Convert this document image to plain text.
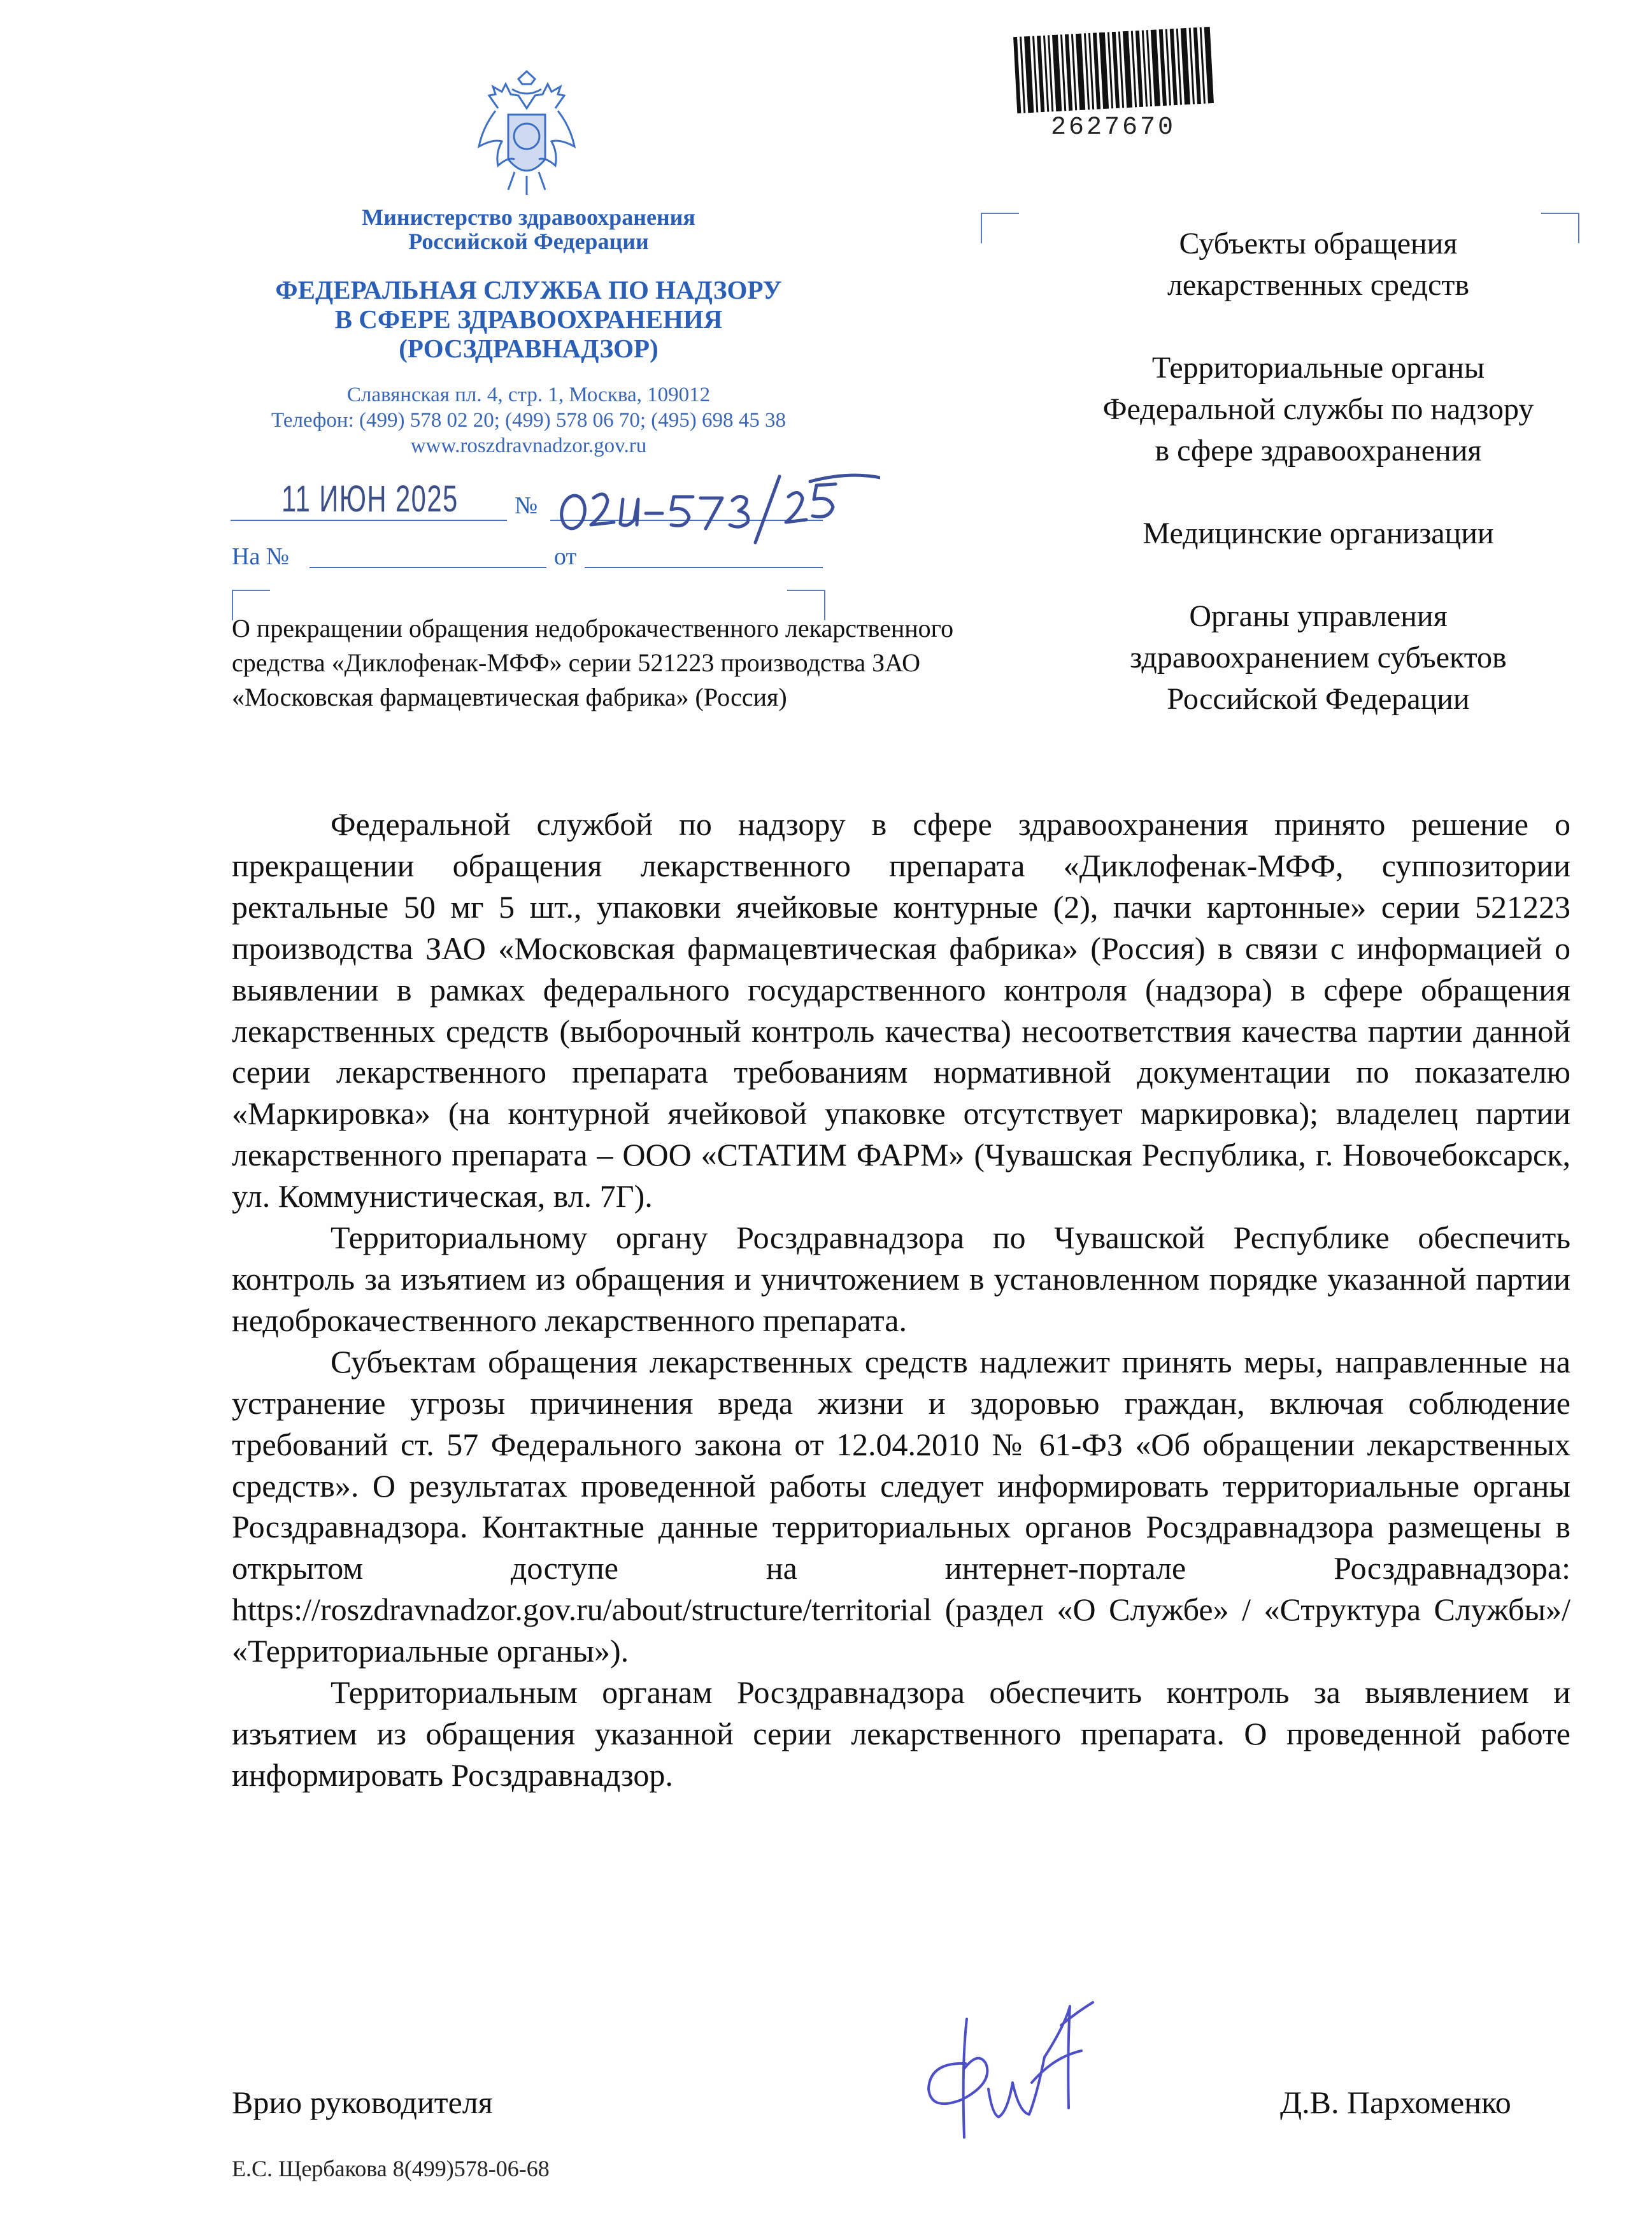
Министерство здравоохранения
Российской Федерации
ФЕДЕРАЛЬНАЯ СЛУЖБА ПО НАДЗОРУ
В СФЕРЕ ЗДРАВООХРАНЕНИЯ
(РОСЗДРАВНАДЗОР)
Славянская пл. 4, стр. 1, Москва, 109012
Телефон: (499) 578 02 20; (499) 578 06 70; (495) 698 45 38
www.roszdravnadzor.gov.ru
11 ИЮН 2025 №
На №	от
О прекращении обращения недоброкачественного лекарственного средства «Диклофенак-МФФ» серии 521223 производства ЗАО «Московская фармацевтическая фабрика» (Россия)
2627670
Субъекты обращения
лекарственных средств
Территориальные органы
Федеральной службы по надзору
в сфере здравоохранения
Медицинские организации
Органы управления
здравоохранением субъектов
Российской Федерации

Федеральной службой по надзору в сфере здравоохранения принято решение о прекращении обращения лекарственного препарата «Диклофенак-МФФ, суппозитории ректальные 50 мг 5 шт., упаковки ячейковые контурные (2), пачки картонные» серии 521223 производства ЗАО «Московская фармацевтическая фабрика» (Россия) в связи с информацией о выявлении в рамках федерального государственного контроля (надзора) в сфере обращения лекарственных средств (выборочный контроль качества) несоответствия качества партии данной серии лекарственного препарата требованиям нормативной документации по показателю «Маркировка» (на контурной ячейковой упаковке отсутствует маркировка); владелец партии лекарственного препарата – ООО «СТАТИМ ФАРМ» (Чувашская Республика, г. Новочебоксарск, ул. Коммунистическая, вл. 7Г).

Территориальному органу Росздравнадзора по Чувашской Республике обеспечить контроль за изъятием из обращения и уничтожением в установленном порядке указанной партии недоброкачественного лекарственного препарата.

Субъектам обращения лекарственных средств надлежит принять меры, направленные на устранение угрозы причинения вреда жизни и здоровью граждан, включая соблюдение требований ст. 57 Федерального закона от 12.04.2010 № 61-ФЗ «Об обращении лекарственных средств». О результатах проведенной работы следует информировать территориальные органы Росздравнадзора. Контактные данные территориальных органов Росздравнадзора размещены в открытом доступе на интернет-портале Росздравнадзора: https://roszdravnadzor.gov.ru/about/structure/territorial (раздел «О Службе» / «Структура Службы»/ «Территориальные органы»).

Территориальным органам Росздравнадзора обеспечить контроль за выявлением и изъятием из обращения указанной серии лекарственного препарата. О проведенной работе информировать Росздравнадзор.

Врио руководителя	Д.В. Пархоменко
Е.С. Щербакова 8(499)578-06-68
